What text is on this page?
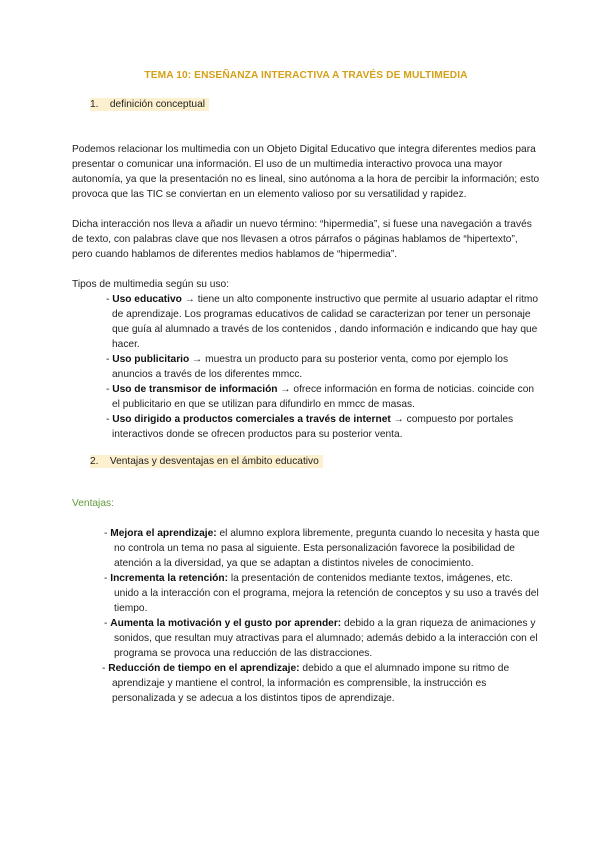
TEMA 10: ENSEÑANZA INTERACTIVA A TRAVÉS DE MULTIMEDIA
1. definición conceptual

Podemos relacionar los multimedia con un Objeto Digital Educativo que integra diferentes medios para presentar o comunicar una información. El uso de un multimedia interactivo provoca una mayor autonomía, ya que la presentación no es lineal, sino autónoma a la hora de percibir la información; esto provoca que las TIC se conviertan en un elemento valioso por su versatilidad y rapidez.

Dicha interacción nos lleva a añadir un nuevo término: “hipermedia”, si fuese una navegación a través de texto, con palabras clave que nos llevasen a otros párrafos o páginas hablamos de “hipertexto”, pero cuando hablamos de diferentes medios hablamos de “hipermedia”.

Tipos de multimedia según su uso:

- Uso educativo → tiene un alto componente instructivo que permite al usuario adaptar el ritmo de aprendizaje. Los programas educativos de calidad se caracterizan por tener un personaje que guía al alumnado a través de los contenidos , dando información e indicando que hay que hacer.
- Uso publicitario → muestra un producto para su posterior venta, como por ejemplo los anuncios a través de los diferentes mmcc.
- Uso de transmisor de información → ofrece información en forma de noticias. coincide con el publicitario en que se utilizan para difundirlo en mmcc de masas.
- Uso dirigido a productos comerciales a través de internet → compuesto por portales interactivos donde se ofrecen productos para su posterior venta.
2. Ventajas y desventajas en el ámbito educativo

Ventajas:

- Mejora el aprendizaje: el alumno explora libremente, pregunta cuando lo necesita y hasta que no controla un tema no pasa al siguiente. Esta personalización favorece la posibilidad de atención a la diversidad, ya que se adaptan a distintos niveles de conocimiento.
- Incrementa la retención: la presentación de contenidos mediante textos, imágenes, etc. unido a la interacción con el programa, mejora la retención de conceptos y su uso a través del tiempo.
- Aumenta la motivación y el gusto por aprender: debido a la gran riqueza de animaciones y sonidos, que resultan muy atractivas para el alumnado; además debido a la interacción con el programa se provoca una reducción de las distracciones.
- Reducción de tiempo en el aprendizaje: debido a que el alumnado impone su ritmo de aprendizaje y mantiene el control, la información es comprensible, la instrucción es personalizada y se adecua a los distintos tipos de aprendizaje.
